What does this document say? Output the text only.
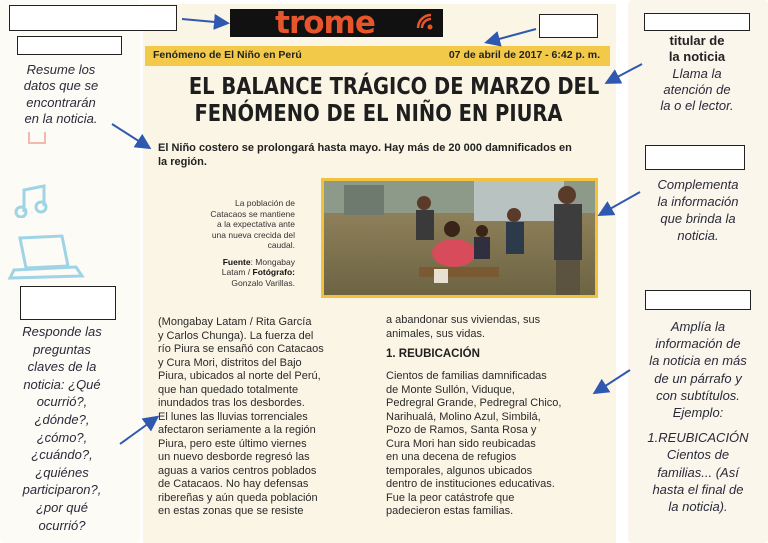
trome
Fenómeno de El Niño en Perú	07 de abril de 2017 - 6:42 p. m.
EL BALANCE TRÁGICO DE MARZO DEL
FENÓMENO DE EL NIÑO EN PIURA
El Niño costero se prolongará hasta mayo. Hay más de 20 000 damnificados en la región.
La población de Catacaos se mantiene a la expectativa ante una nueva crecida del caudal.
Fuente: Mongabay Latam / Fotógrafo: Gonzalo Varillas.
(Mongabay Latam / Rita García
y Carlos Chunga). La fuerza del
río Piura se ensañó con Catacaos
y Cura Mori, distritos del Bajo
Piura, ubicados al norte del Perú,
que han quedado totalmente
inundados tras los desbordes.
El lunes las lluvias torrenciales
afectaron seriamente a la región
Piura, pero este último viernes
un nuevo desborde regresó las
aguas a varios centros poblados
de Catacaos. No hay defensas
ribereñas y aún queda población
en estas zonas que se resiste
a abandonar sus viviendas, sus
animales, sus vidas.
1. REUBICACIÓN
Cientos de familias damnificadas
de Monte Sullón, Viduque,
Pedregral Grande, Pedregral Chico,
Narihualá, Molino Azul, Simbilá,
Pozo de Ramos, Santa Rosa y
Cura Mori han sido reubicadas
en una decena de refugios
temporales, algunos ubicados
dentro de instituciones educativas.
Fue la peor catástrofe que
padecieron estas familias.
Resume los
datos que se
encontrarán
en la noticia.
Responde las
preguntas
claves de la
noticia: ¿Qué
ocurrió?,
¿dónde?,
¿cómo?,
¿cuándo?,
¿quiénes
participaron?,
¿por qué
ocurrió?
titular de
la noticia
Llama la
atención de
la o el lector.
Complementa
la información
que brinda la
noticia.
Amplía la
información de
la noticia en más
de un párrafo y
con subtítulos.
Ejemplo:
1.REUBICACIÓN
Cientos de
familias... (Así
hasta el final de
la noticia).
